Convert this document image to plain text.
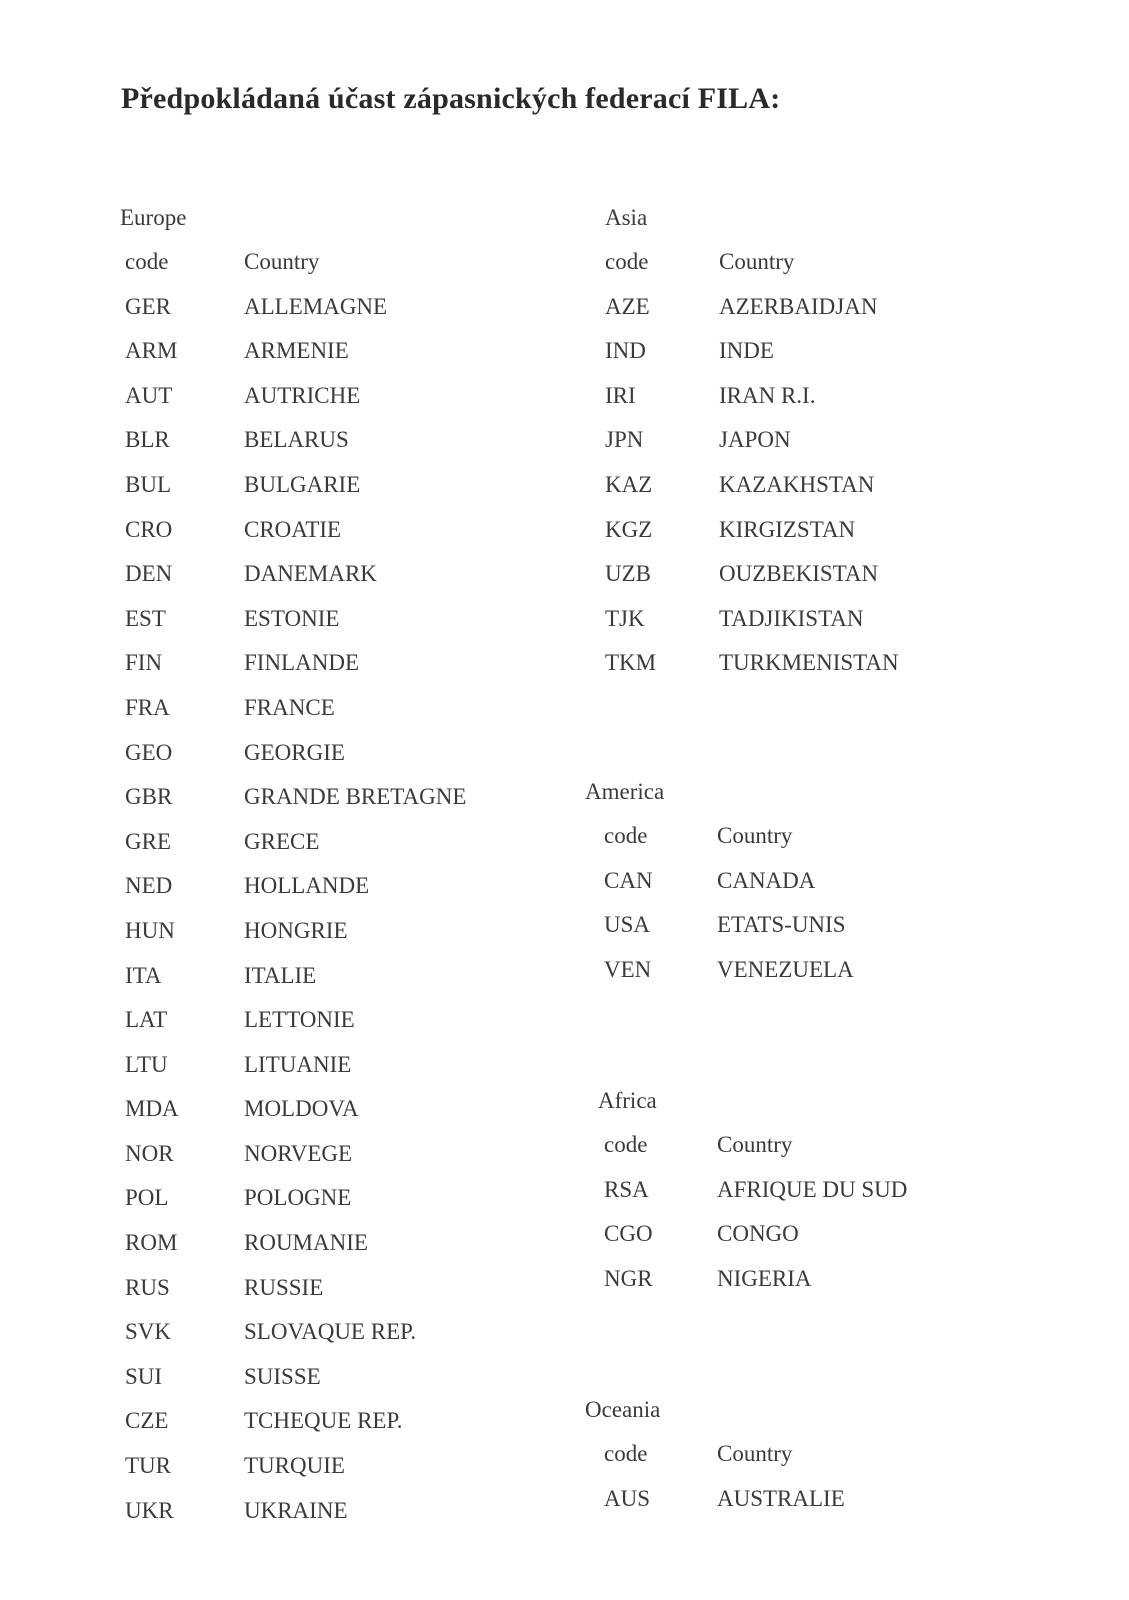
Předpokládaná účast zápasnických federací FILA:
Europe
code	Country
GER	ALLEMAGNE
ARM	ARMENIE
AUT	AUTRICHE
BLR	BELARUS
BUL	BULGARIE
CRO	CROATIE
DEN	DANEMARK
EST	ESTONIE
FIN	FINLANDE
FRA	FRANCE
GEO	GEORGIE
GBR	GRANDE BRETAGNE
GRE	GRECE
NED	HOLLANDE
HUN	HONGRIE
ITA	ITALIE
LAT	LETTONIE
LTU	LITUANIE
MDA	MOLDOVA
NOR	NORVEGE
POL	POLOGNE
ROM	ROUMANIE
RUS	RUSSIE
SVK	SLOVAQUE REP.
SUI	SUISSE
CZE	TCHEQUE REP.
TUR	TURQUIE
UKR	UKRAINE
Asia
code	Country
AZE	AZERBAIDJAN
IND	INDE
IRI	IRAN R.I.
JPN	JAPON
KAZ	KAZAKHSTAN
KGZ	KIRGIZSTAN
UZB	OUZBEKISTAN
TJK	TADJIKISTAN
TKM	TURKMENISTAN
America
code	Country
CAN	CANADA
USA	ETATS-UNIS
VEN	VENEZUELA
Africa
code	Country
RSA	AFRIQUE DU SUD
CGO	CONGO
NGR	NIGERIA
Oceania
code	Country
AUS	AUSTRALIE
